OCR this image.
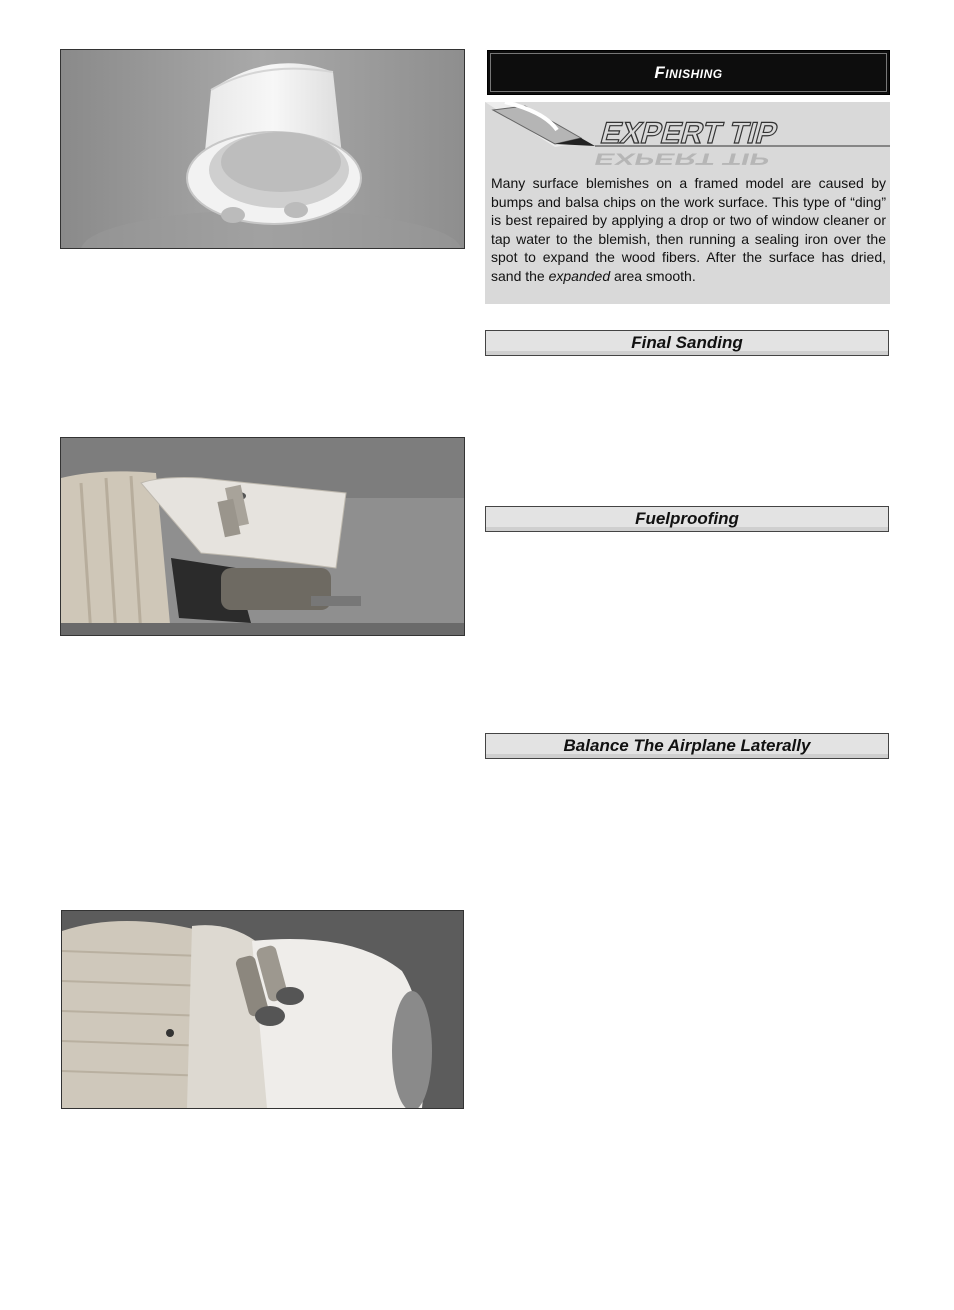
Finishing
EXPERT TIP
EXPERT TIP
Many surface blemishes on a framed model are caused by bumps and balsa chips on the work surface. This type of “ding” is best repaired by applying a drop or two of window cleaner or tap water to the blemish, then running a sealing iron over the spot to expand the wood fibers. After the surface has dried, sand the expanded area smooth.
Final Sanding
Fuelproofing
Balance The Airplane Laterally
